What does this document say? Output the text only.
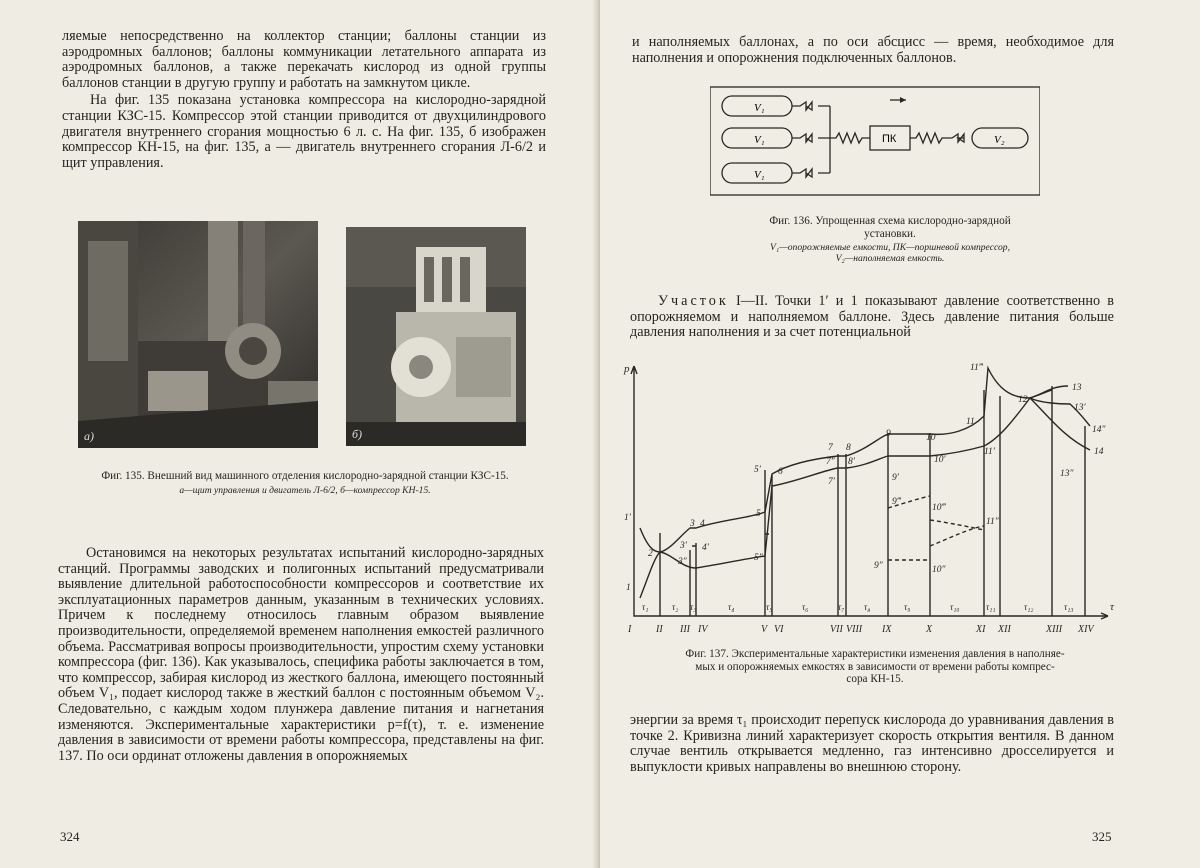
ляемые непосредственно на коллектор станции; баллоны станции из аэродромных баллонов; баллоны коммуникации летательного аппарата из аэродромных баллонов, а также перекачать кислород из одной группы баллонов станции в другую группу и работать на замкнутом цикле.

На фиг. 135 показана установка компрессора на кислородно-зарядной станции КЗС-15. Компрессор этой станции приводится от двухцилиндрового двигателя внутреннего сгорания мощностью 6 л. с. На фиг. 135, б изображен компрессор КН-15, на фиг. 135, а — двигатель внутреннего сгорания Л-6/2 и щит управления.

а)	б)
Фиг. 135. Внешний вид машинного отделения кислородно-зарядной станции КЗС-15.
а—щит управления и двигатель Л-6/2, б—компрессор КН-15.

Остановимся на некоторых результатах испытаний кислородно-зарядных станций. Программы заводских и полигонных испытаний предусматривали выявление длительной работоспособности компрессоров и соответствие их эксплуатационных параметров данным, указанным в технических условиях. Причем к последнему относилось главным образом выявление производительности, определяемой временем наполнения емкостей различного объема. Рассматривая вопросы производительности, упростим схему установки компрессора (фиг. 136). Как указывалось, специфика работы заключается в том, что компрессор, забирая кислород из жесткого баллона, имеющего постоянный объем V₁, подает кислород также в жесткий баллон с постоянным объемом V₂. Следовательно, с каждым ходом плунжера давление питания и нагнетания изменяются. Экспериментальные характеристики p=f(τ), т. е. изменение давления в зависимости от времени работы компрессора, представлены на фиг. 137. По оси ординат отложены давления в опорожняемых

324

и наполняемых баллонах, а по оси абсцисс — время, необходимое для наполнения и опорожнения подключенных баллонов.

V₁
V₁
V₁
ПК	V₂
Фиг. 136. Упрощенная схема кислородно-зарядной
установки.
V₁—опорожняемые емкости, ПК—поршневой компрессор,
V₂—наполняемая емкость.

Участок I—II. Точки 1′ и 1 показывают давление соответственно в опорожняемом и наполняемом баллоне. Здесь давление питания больше давления наполнения и за счет потенциальной

p
τ
I II III IV	V VI	VII VIII IX	X	XI XII	XIII XIV
τ₁	τ₂ τ₃	τ₄	τ₅	τ₆	τ₇ τ₈	τ₉	τ₁₀	τ₁₁	τ₁₂	τ₁₃
1′
1
2
3
3′
4
4′
3″
5
5′
5″
6
7
7′
7″
8
8′
9
9′
9‴
9″
10
10′
10‴
10″
11
11′
11″
11‴
12
13
13′
13″
14
14″
Фиг. 137. Экспериментальные характеристики изменения давления в наполняе-
мых и опорожняемых емкостях в зависимости от времени работы компрес-
сора КН-15.

энергии за время τ₁ происходит перепуск кислорода до уравнивания давления в точке 2. Кривизна линий характеризует скорость открытия вентиля. В данном случае вентиль открывается медленно, газ интенсивно дросселируется и выпуклости кривых направлены во внешнюю сторону.

325
